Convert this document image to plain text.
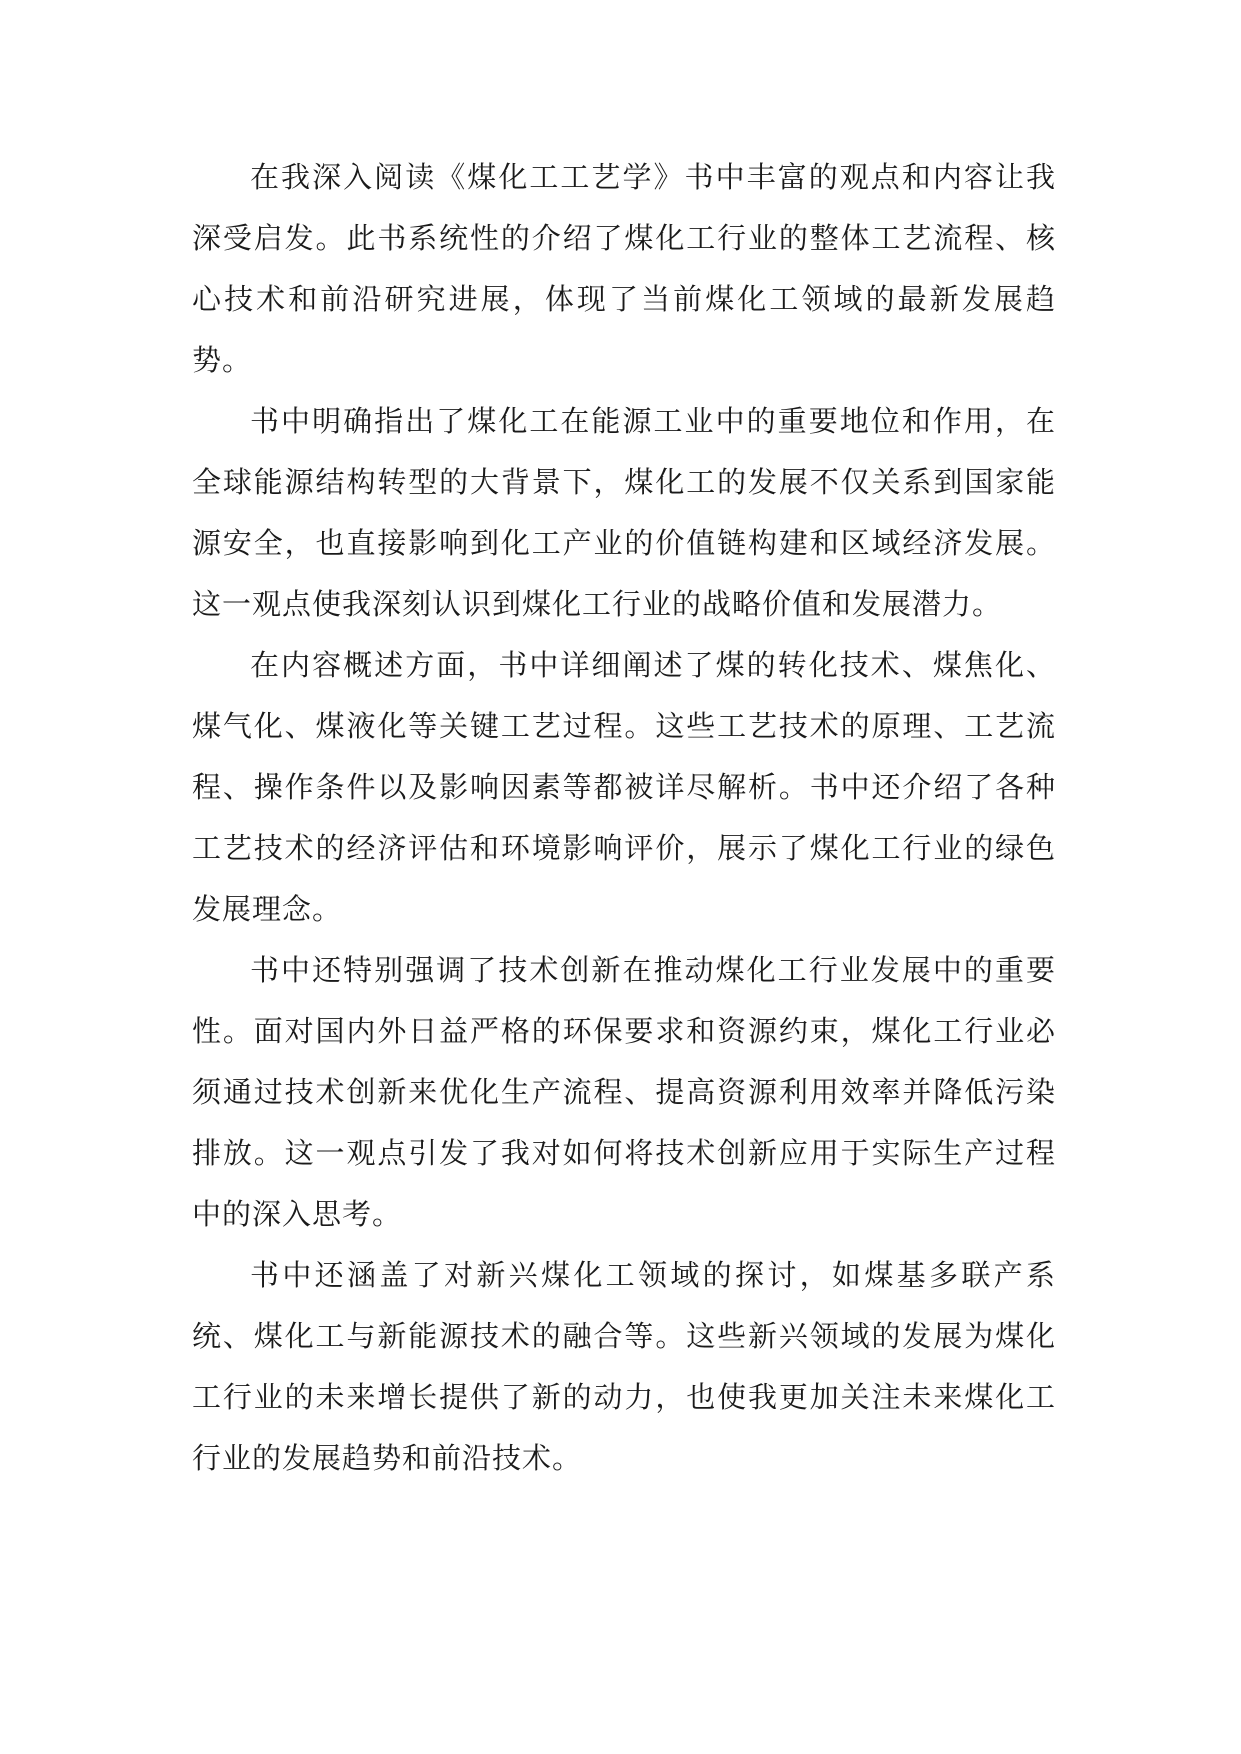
在我深入阅读《煤化工工艺学》书中丰富的观点和内容让我深受启发。此书系统性的介绍了煤化工行业的整体工艺流程、核心技术和前沿研究进展，体现了当前煤化工领域的最新发展趋势。

书中明确指出了煤化工在能源工业中的重要地位和作用，在全球能源结构转型的大背景下，煤化工的发展不仅关系到国家能源安全，也直接影响到化工产业的价值链构建和区域经济发展。这一观点使我深刻认识到煤化工行业的战略价值和发展潜力。

在内容概述方面，书中详细阐述了煤的转化技术、煤焦化、煤气化、煤液化等关键工艺过程。这些工艺技术的原理、工艺流程、操作条件以及影响因素等都被详尽解析。书中还介绍了各种工艺技术的经济评估和环境影响评价，展示了煤化工行业的绿色发展理念。

书中还特别强调了技术创新在推动煤化工行业发展中的重要性。面对国内外日益严格的环保要求和资源约束，煤化工行业必须通过技术创新来优化生产流程、提高资源利用效率并降低污染排放。这一观点引发了我对如何将技术创新应用于实际生产过程中的深入思考。

书中还涵盖了对新兴煤化工领域的探讨，如煤基多联产系统、煤化工与新能源技术的融合等。这些新兴领域的发展为煤化工行业的未来增长提供了新的动力，也使我更加关注未来煤化工行业的发展趋势和前沿技术。
